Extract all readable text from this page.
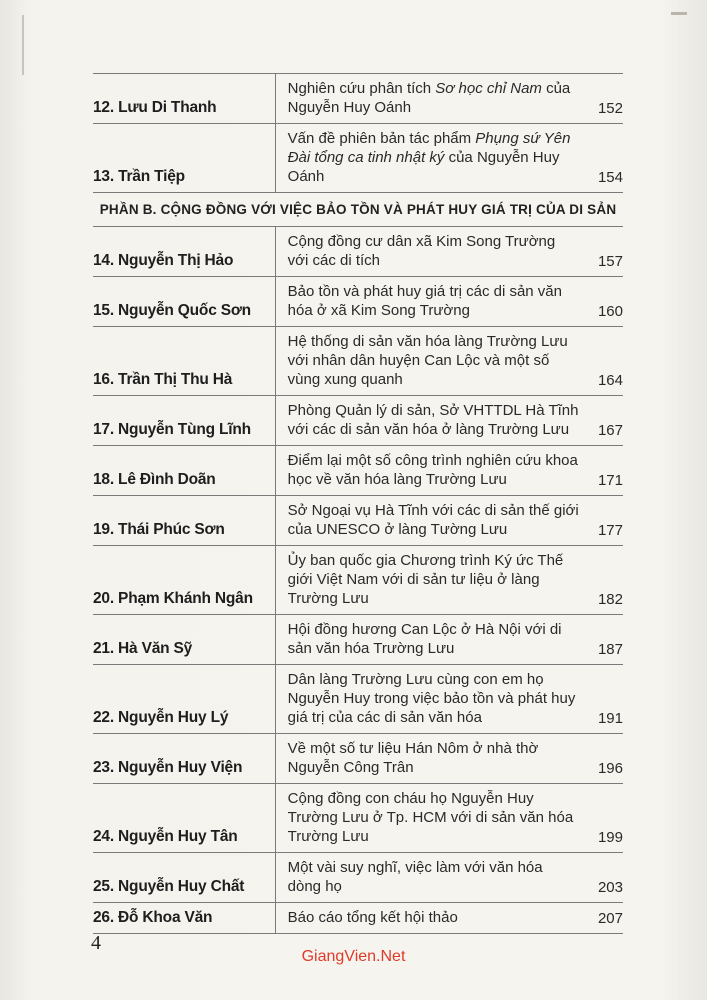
12. Lưu Di Thanh	Nghiên cứu phân tích Sơ học chỉ Nam của Nguyễn Huy Oánh	152
13. Trần Tiệp	Vấn đề phiên bản tác phẩm Phụng sứ Yên Đài tổng ca tinh nhật ký của Nguyễn Huy Oánh	154
PHẦN B. CỘNG ĐỒNG VỚI VIỆC BẢO TỒN VÀ PHÁT HUY GIÁ TRỊ CỦA DI SẢN		
14. Nguyễn Thị Hảo	Cộng đồng cư dân xã Kim Song Trường với các di tích	157
15. Nguyễn Quốc Sơn	Bảo tồn và phát huy giá trị các di sản văn hóa ở xã Kim Song Trường	160
16. Trần Thị Thu Hà	Hệ thống di sản văn hóa làng Trường Lưu với nhân dân huyện Can Lộc và một số vùng xung quanh	164
17. Nguyễn Tùng Lĩnh	Phòng Quản lý di sản, Sở VHTTDL Hà Tĩnh với các di sản văn hóa ở làng Trường Lưu	167
18. Lê Đình Doãn	Điểm lại một số công trình nghiên cứu khoa học về văn hóa làng Trường Lưu	171
19. Thái Phúc Sơn	Sở Ngoại vụ Hà Tĩnh với các di sản thế giới của UNESCO ở làng Tường Lưu	177
20. Phạm Khánh Ngân	Ủy ban quốc gia Chương trình Ký ức Thế giới Việt Nam với di sản tư liệu ở làng Trường Lưu	182
21. Hà Văn Sỹ	Hội đồng hương Can Lộc ở Hà Nội với di sản văn hóa Trường Lưu	187
22. Nguyễn Huy Lý	Dân làng Trường Lưu cùng con em họ Nguyễn Huy trong việc bảo tồn và phát huy giá trị của các di sản văn hóa	191
23. Nguyễn Huy Viện	Về một số tư liệu Hán Nôm ở nhà thờ Nguyễn Công Trân	196
24. Nguyễn Huy Tân	Cộng đồng con cháu họ Nguyễn Huy Trường Lưu ở Tp. HCM với di sản văn hóa Trường Lưu	199
25. Nguyễn Huy Chất	Một vài suy nghĩ, việc làm với văn hóa dòng họ	203
26. Đỗ Khoa Văn	Báo cáo tổng kết hội thảo	207
4
GiangVien.Net
